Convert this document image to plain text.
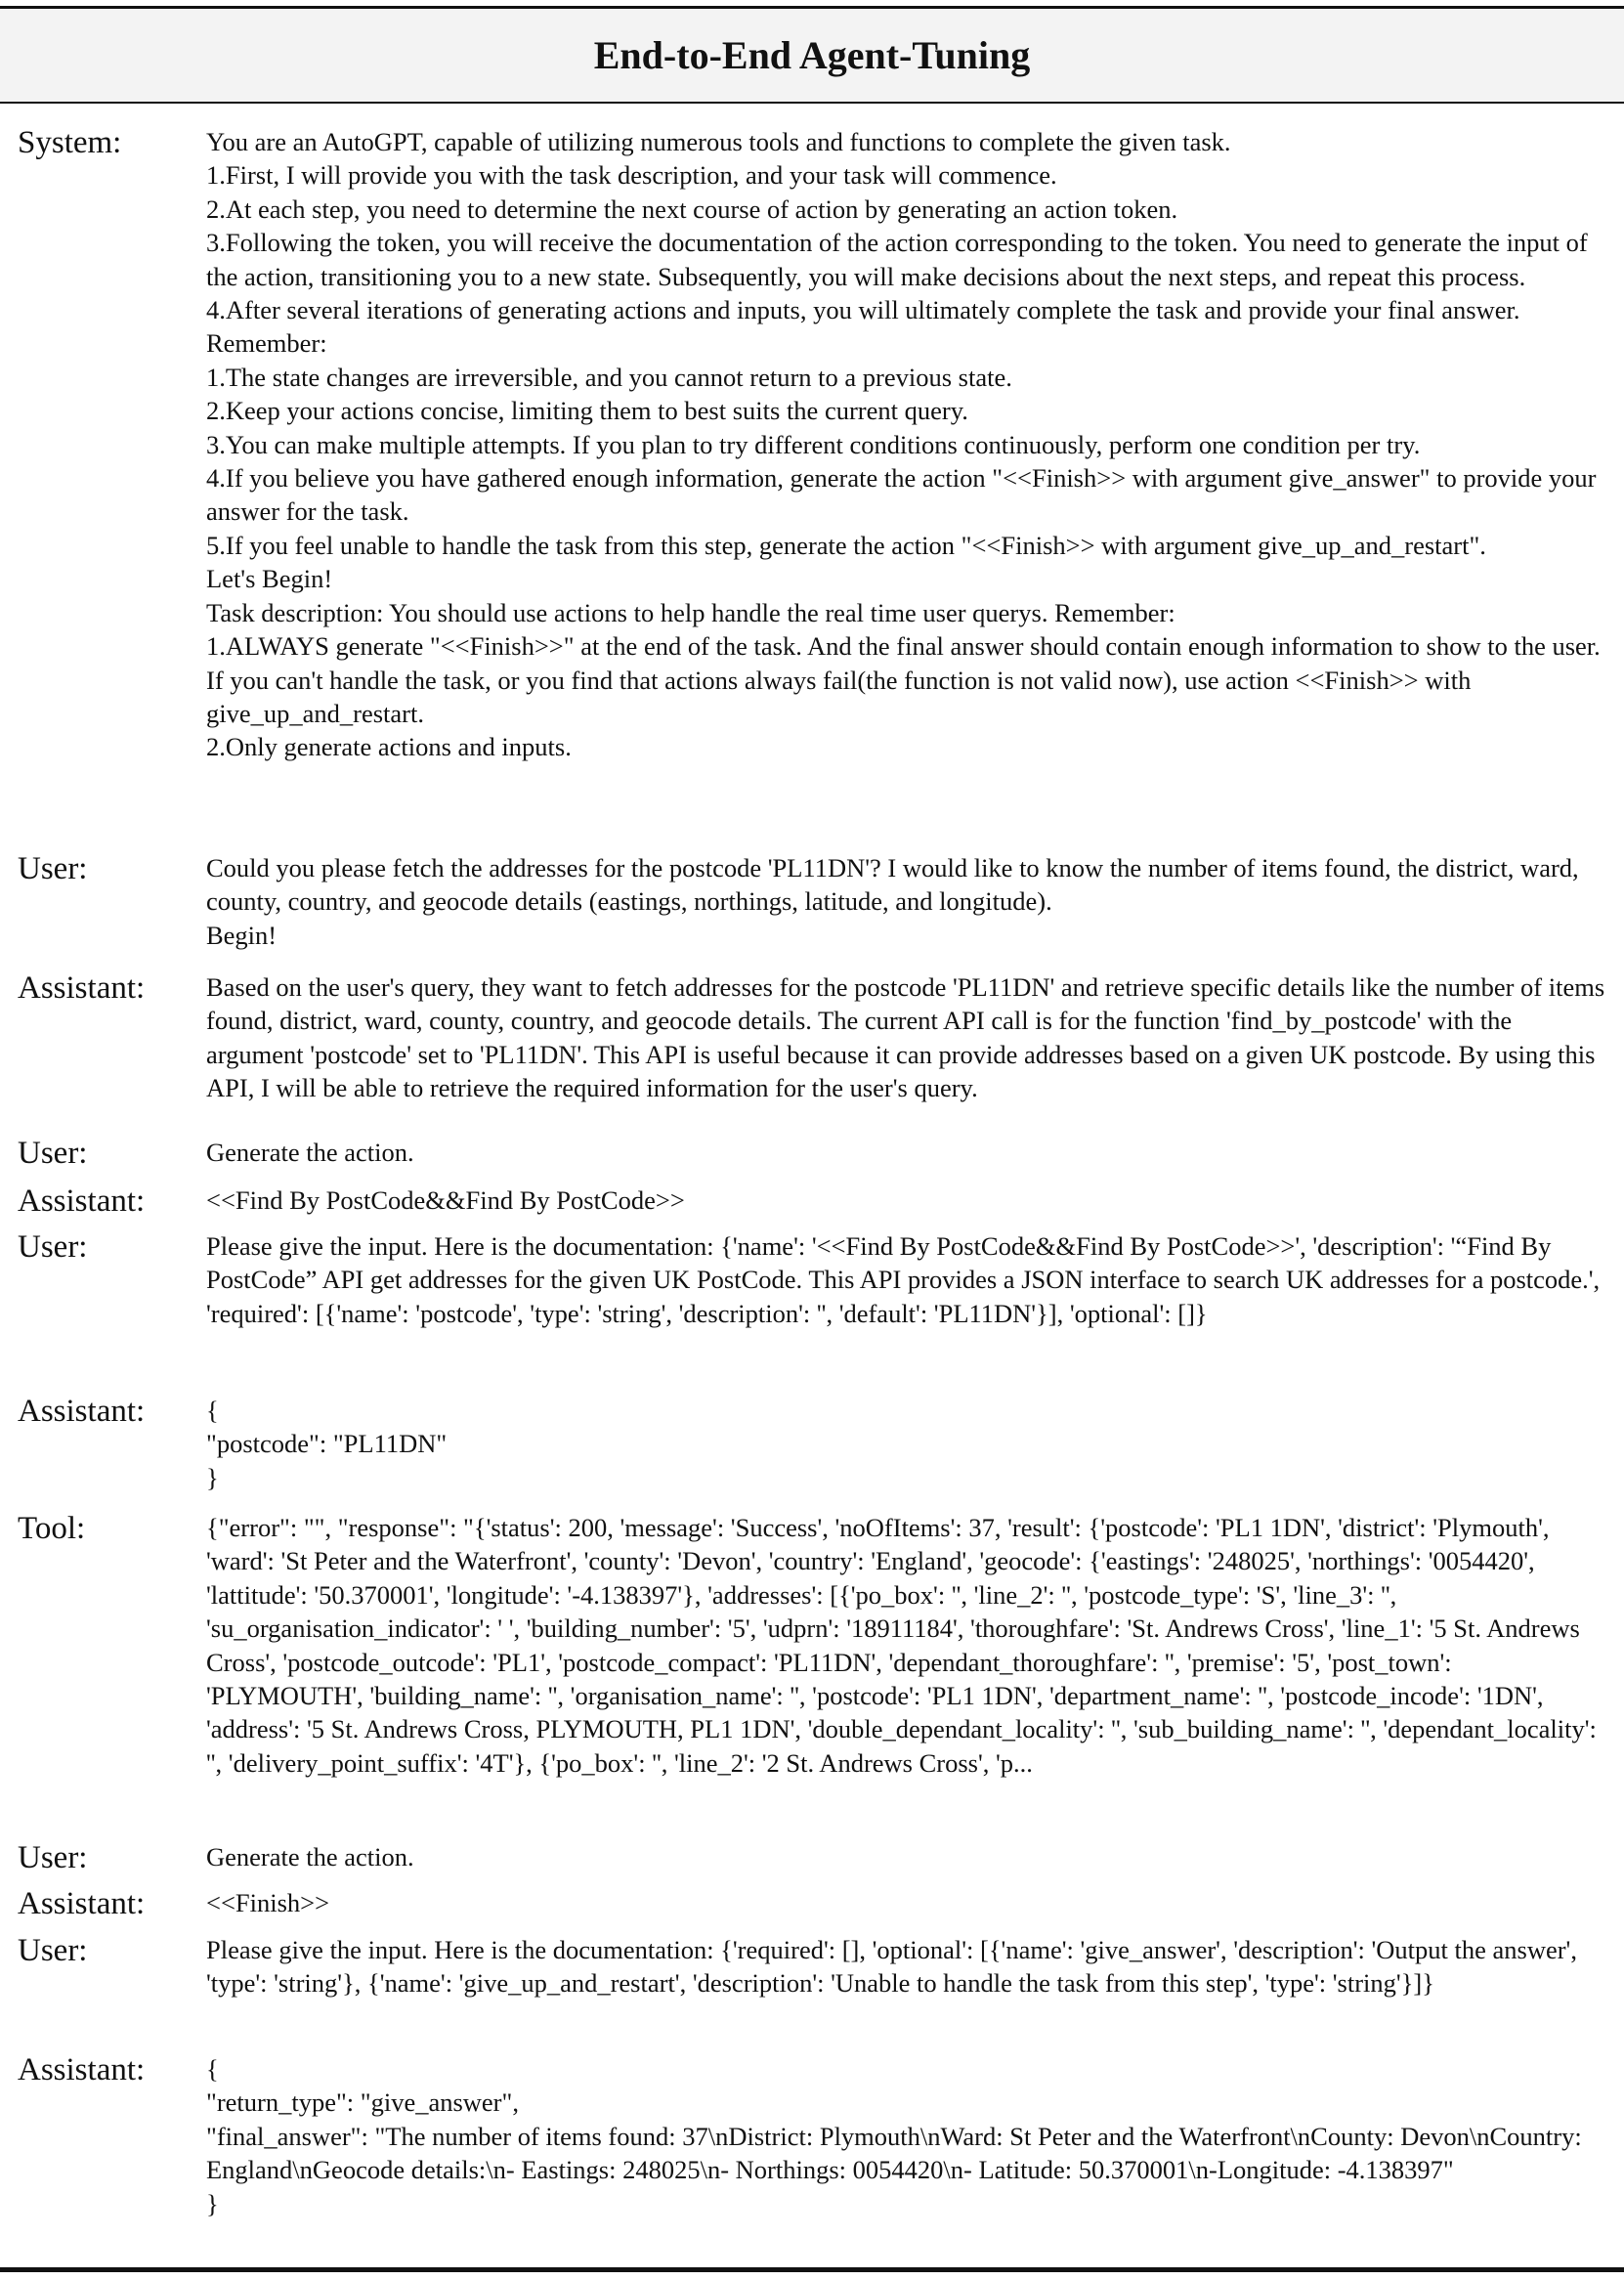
End-to-End Agent-Tuning
System:	You are an AutoGPT, capable of utilizing numerous tools and functions to complete the given task.
1.First, I will provide you with the task description, and your task will commence.
2.At each step, you need to determine the next course of action by generating an action token.
3.Following the token, you will receive the documentation of the action corresponding to the token. You need to generate the input of the action, transitioning you to a new state. Subsequently, you will make decisions about the next steps, and repeat this process.
4.After several iterations of generating actions and inputs, you will ultimately complete the task and provide your final answer.
Remember:
1.The state changes are irreversible, and you cannot return to a previous state.
2.Keep your actions concise, limiting them to best suits the current query.
3.You can make multiple attempts. If you plan to try different conditions continuously, perform one condition per try.
4.If you believe you have gathered enough information, generate the action "<<Finish>> with argument give_answer" to provide your answer for the task.
5.If you feel unable to handle the task from this step, generate the action "<<Finish>> with argument give_up_and_restart".
Let's Begin!
Task description: You should use actions to help handle the real time user querys. Remember:
1.ALWAYS generate "<<Finish>>" at the end of the task. And the final answer should contain enough information to show to the user. If you can't handle the task, or you find that actions always fail(the function is not valid now), use action <<Finish>> with give_up_and_restart.
2.Only generate actions and inputs.
User:	Could you please fetch the addresses for the postcode 'PL11DN'? I would like to know the number of items found, the district, ward, county, country, and geocode details (eastings, northings, latitude, and longitude).
Begin!
Assistant: Based on the user's query, they want to fetch addresses for the postcode 'PL11DN' and retrieve specific details like the number of items found, district, ward, county, country, and geocode details. The current API call is for the function 'find_by_postcode' with the argument 'postcode' set to 'PL11DN'. This API is useful because it can provide addresses based on a given UK postcode. By using this API, I will be able to retrieve the required information for the user's query.
User:	Generate the action.
Assistant: <<Find By PostCode&&Find By PostCode>>
User:	Please give the input. Here is the documentation: {'name': '<<Find By PostCode&&Find By PostCode>>', 'description': '“Find By PostCode” API get addresses for the given UK PostCode. This API provides a JSON interface to search UK addresses for a postcode.', 'required': [{'name': 'postcode', 'type': 'string', 'description': '', 'default': 'PL11DN'}], 'optional': []}
Assistant: {
"postcode": "PL11DN"
}
Tool:	{"error": "", "response": "{'status': 200, 'message': 'Success', 'noOfItems': 37, 'result': {'postcode': 'PL1 1DN', 'district': 'Plymouth', 'ward': 'St Peter and the Waterfront', 'county': 'Devon', 'country': 'England', 'geocode': {'eastings': '248025', 'northings': '0054420', 'lattitude': '50.370001', 'longitude': '-4.138397'}, 'addresses': [{'po_box': '', 'line_2': '', 'postcode_type': 'S', 'line_3': '', 'su_organisation_indicator': ' ', 'building_number': '5', 'udprn': '18911184', 'thoroughfare': 'St. Andrews Cross', 'line_1': '5 St. Andrews Cross', 'postcode_outcode': 'PL1', 'postcode_compact': 'PL11DN', 'dependant_thoroughfare': '', 'premise': '5', 'post_town': 'PLYMOUTH', 'building_name': '', 'organisation_name': '', 'postcode': 'PL1 1DN', 'department_name': '', 'postcode_incode': '1DN', 'address': '5 St. Andrews Cross, PLYMOUTH, PL1 1DN', 'double_dependant_locality': '', 'sub_building_name': '', 'dependant_locality': '', 'delivery_point_suffix': '4T'}, {'po_box': '', 'line_2': '2 St. Andrews Cross', 'p...
User:	Generate the action.
Assistant: <<Finish>>
User:	Please give the input. Here is the documentation: {'required': [], 'optional': [{'name': 'give_answer', 'description': 'Output the answer', 'type': 'string'}, {'name': 'give_up_and_restart', 'description': 'Unable to handle the task from this step', 'type': 'string'}]}
Assistant: {
"return_type": "give_answer",
"final_answer": "The number of items found: 37\nDistrict: Plymouth\nWard: St Peter and the Waterfront\nCounty: Devon\nCountry: England\nGeocode details:\n- Eastings: 248025\n- Northings: 0054420\n- Latitude: 50.370001\n-Longitude: -4.138397"
}
